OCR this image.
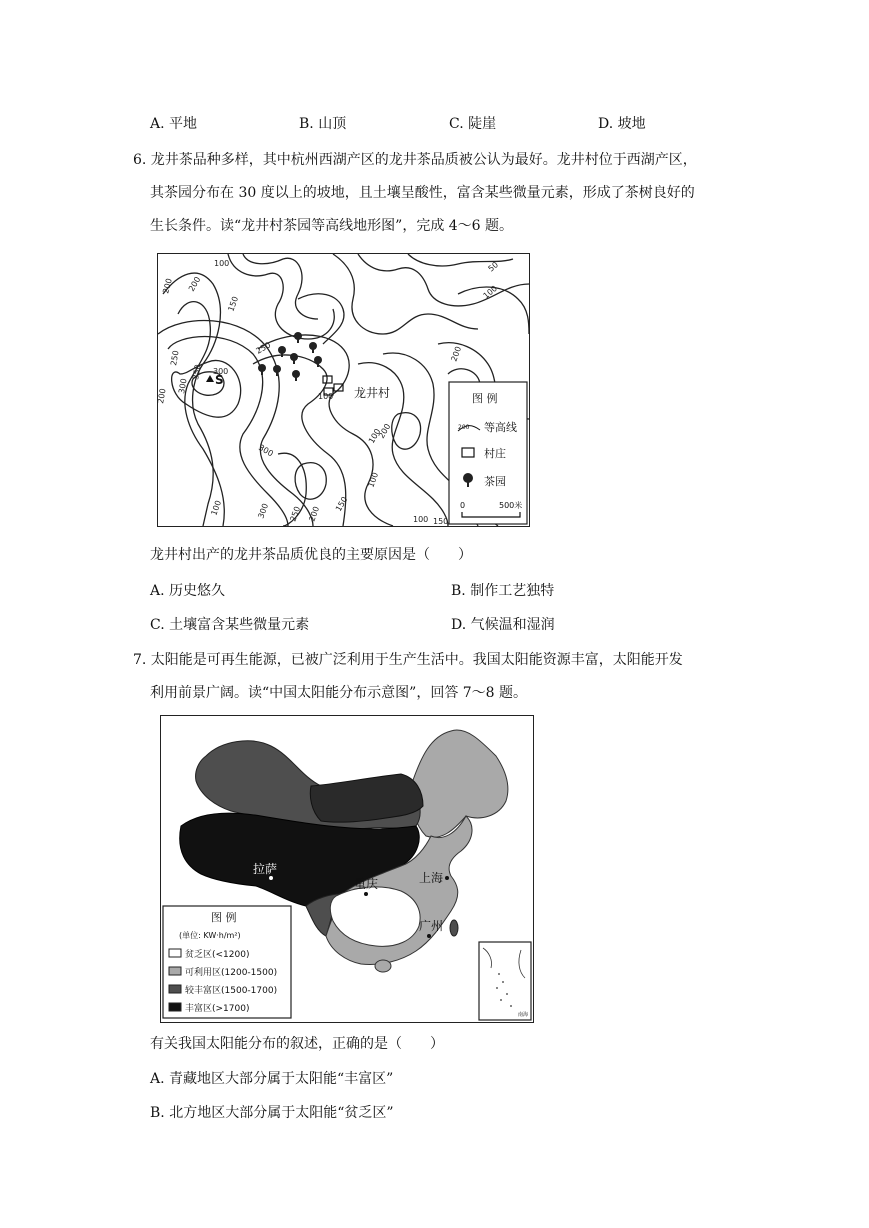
A. 平地	B. 山顶	C. 陡崖	D. 坡地
6. 龙井茶品种多样，其中杭州西湖产区的龙井茶品质被公认为最好。龙井村位于西湖产区，
其茶园分布在 30 度以上的坡地，且土壤呈酸性，富含某些微量元素，形成了茶树良好的
生长条件。读“龙井村茶园等高线地形图”，完成 4～6 题。
100
150
200 200
50
100
200
250
300
350 300
250
200
300
100
100	300 250 200
150
100
200
100
150
100
S
龙井村	图 例
200 等高线
村庄
茶园
0	500米
龙井村出产的龙井茶品质优良的主要原因是（　　）
A. 历史悠久	B. 制作工艺独特
C. 土壤富含某些微量元素	D. 气候温和湿润
7. 太阳能是可再生能源，已被广泛利用于生产生活中。我国太阳能资源丰富，太阳能开发
利用前景广阔。读“中国太阳能分布示意图”，回答 7～8 题。
拉萨
重庆	上海
广州
图 例
(单位: KW·h/m²)
贫乏区(<1200)
可利用区(1200-1500)
较丰富区(1500-1700)
丰富区(>1700)
南海
有关我国太阳能分布的叙述，正确的是（　　）
A. 青藏地区大部分属于太阳能“丰富区”
B. 北方地区大部分属于太阳能“贫乏区”
